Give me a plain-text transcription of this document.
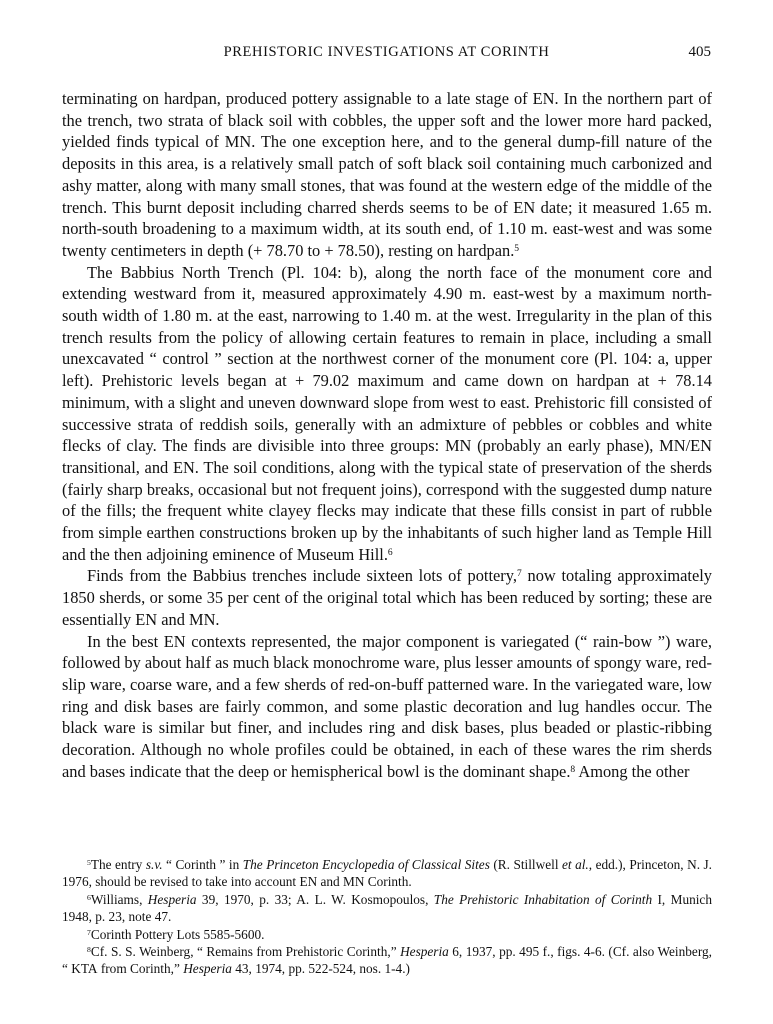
PREHISTORIC INVESTIGATIONS AT CORINTH	405

terminating on hardpan, produced pottery assignable to a late stage of EN. In the northern part of the trench, two strata of black soil with cobbles, the upper soft and the lower more hard packed, yielded finds typical of MN. The one exception here, and to the general dump-fill nature of the deposits in this area, is a relatively small patch of soft black soil containing much carbonized and ashy matter, along with many small stones, that was found at the western edge of the middle of the trench. This burnt deposit including charred sherds seems to be of EN date; it measured 1.65 m. north-south broadening to a maximum width, at its south end, of 1.10 m. east-west and was some twenty centimeters in depth (+ 78.70 to + 78.50), resting on hardpan.$^5$

The Babbius North Trench (Pl. 104: b), along the north face of the monument core and extending westward from it, measured approximately 4.90 m. east-west by a maximum north-south width of 1.80 m. at the east, narrowing to 1.40 m. at the west. Irregularity in the plan of this trench results from the policy of allowing certain features to remain in place, including a small unexcavated “ control ” section at the northwest corner of the monument core (Pl. 104: a, upper left). Prehistoric levels began at + 79.02 maximum and came down on hardpan at + 78.14 minimum, with a slight and uneven downward slope from west to east. Prehistoric fill consisted of successive strata of reddish soils, generally with an admixture of pebbles or cobbles and white flecks of clay. The finds are divisible into three groups: MN (probably an early phase), MN/EN transitional, and EN. The soil conditions, along with the typical state of preservation of the sherds (fairly sharp breaks, occasional but not frequent joins), correspond with the suggested dump nature of the fills; the frequent white clayey flecks may indicate that these fills consist in part of rubble from simple earthen constructions broken up by the inhabitants of such higher land as Temple Hill and the then adjoining eminence of Museum Hill.$^6$

Finds from the Babbius trenches include sixteen lots of pottery,$^7$ now totaling approximately 1850 sherds, or some 35 per cent of the original total which has been reduced by sorting; these are essentially EN and MN.

In the best EN contexts represented, the major component is variegated (“ rain-bow ”) ware, followed by about half as much black monochrome ware, plus lesser amounts of spongy ware, red-slip ware, coarse ware, and a few sherds of red-on-buff patterned ware. In the variegated ware, low ring and disk bases are fairly common, and some plastic decoration and lug handles occur. The black ware is similar but finer, and includes ring and disk bases, plus beaded or plastic-ribbing decoration. Although no whole profiles could be obtained, in each of these wares the rim sherds and bases indicate that the deep or hemispherical bowl is the dominant shape.$^8$ Among the other

$^5$The entry s.v. “ Corinth ” in The Princeton Encyclopedia of Classical Sites (R. Stillwell et al., edd.), Princeton, N. J. 1976, should be revised to take into account EN and MN Corinth.

$^6$Williams, Hesperia 39, 1970, p. 33; A. L. W. Kosmopoulos, The Prehistoric Inhabitation of Corinth I, Munich 1948, p. 23, note 47.

$^7$Corinth Pottery Lots 5585-5600.

$^8$Cf. S. S. Weinberg, “ Remains from Prehistoric Corinth,” Hesperia 6, 1937, pp. 495 f., figs. 4-6. (Cf. also Weinberg, “ KTA from Corinth,” Hesperia 43, 1974, pp. 522-524, nos. 1-4.)
